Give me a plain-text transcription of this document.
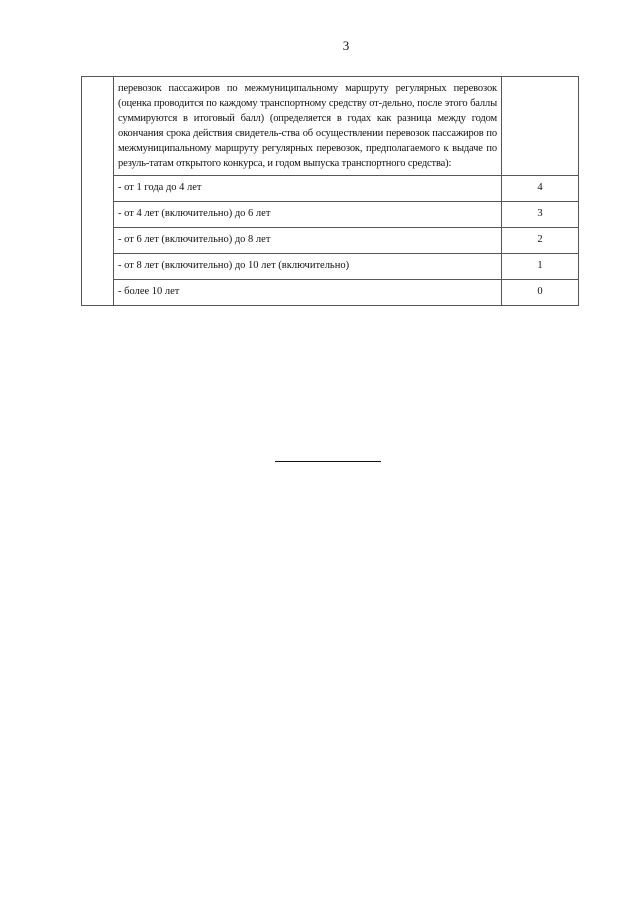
3
	перевозок пассажиров по межмуниципальному маршруту регулярных перевозок (оценка проводится по каждому транспортному средству от-дельно, после этого баллы суммируются в итоговый балл) (определяется в годах как разница между годом окончания срока действия свидетель-ства об осуществлении перевозок пассажиров по межмуниципальному маршруту регулярных перевозок, предполагаемого к выдаче по резуль-татам открытого конкурса, и годом выпуска транспортного средства):	
	- от 1 года до 4 лет	4
	- от 4 лет (включительно) до 6 лет	3
	- от 6 лет (включительно) до 8 лет	2
	- от 8 лет (включительно) до 10 лет (включительно)	1
	- более 10 лет	0
